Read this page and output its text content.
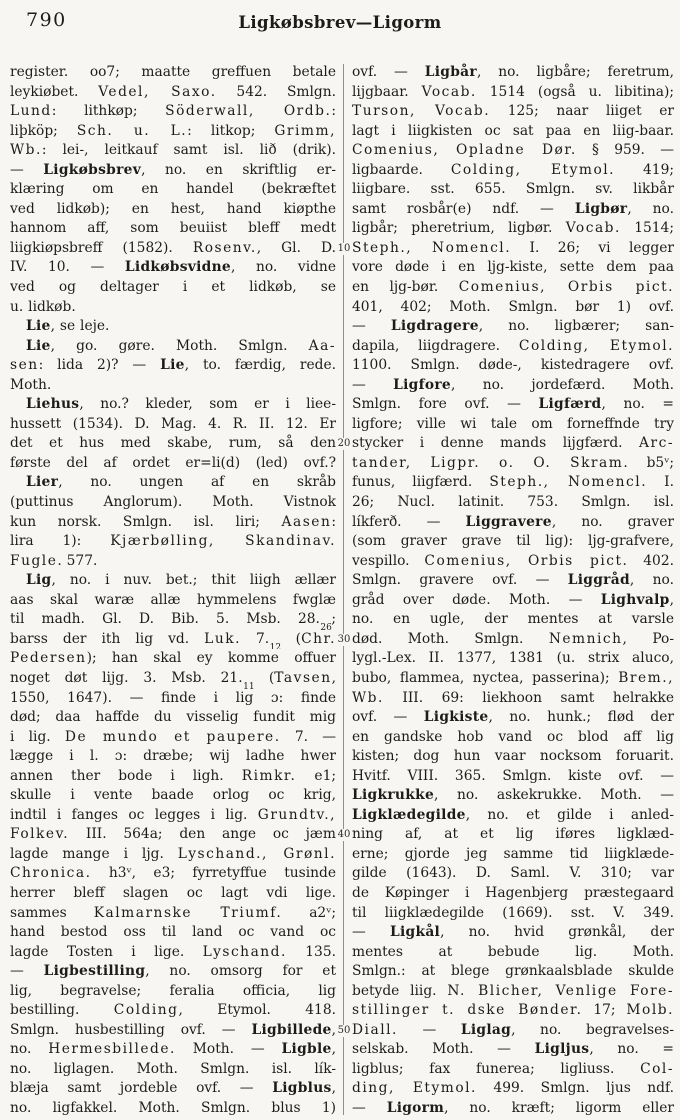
790	Ligkøbsbrev—Ligorm
register. oo7; maatte greffuen betale
leykiøbet. Vedel, Saxo. 542. Smlgn.
Lund: lithkøp; Söderwall, Ordb.:
liþköp; Sch. u. L.: litkop; Grimm,
Wb.: lei-, leitkauf samt isl. lið (drik).
— Ligkøbsbrev, no. en skriftlig er-
klæring om en handel (bekræftet
ved lidkøb); en hest, hand kiøpthe
hannom aff, som beuiist bleff medt
liigkiøpsbreff (1582). Rosenv., Gl. D.
IV. 10. — Lidkøbsvidne, no. vidne
ved og deltager i et lidkøb, se
u. lidkøb.
Lie, se leje.
Lie, go. gøre. Moth. Smlgn. Aa-
sen: lida 2)? — Lie, to. færdig, rede.
Moth.
Liehus, no.? kleder, som er i liee-
hussett (1534). D. Mag. 4. R. II. 12. Er
det et hus med skabe, rum, så den
første del af ordet er=li(d) (led) ovf.?
Lier, no. ungen af en skråb
(puttinus Anglorum). Moth. Vistnok
kun norsk. Smlgn. isl. liri; Aasen:
lira 1): Kjærbølling, Skandinav.
Fugle. 577.
Lig, no. i nuv. bet.; thit liigh ællær
aas skal waræ allæ hymmelens fwglæ
til madh. Gl. D. Bib. 5. Msb. $28._{26}$;
barss der ith lig vd. Luk. $7._{12}$ (Chr.
Pedersen); han skal ey komme offuer
noget døt lijg. 3. Msb. $21._{11}$ (Tavsen,
1550, 1647). — finde i lig ɔ: finde
død; daa haffde du visselig fundit mig
i lig. De mundo et paupere. 7. —
lægge i l. ɔ: dræbe; wij ladhe hwer
annen ther bode i ligh. Rimkr. e1;
skulle i vente baade orlog oc krig,
indtil i fanges oc legges i lig. Grundtv.,
Folkev. III. 564a; den ange oc jæm
lagde mange i ljg. Lyschand., Grønl.
Chronica. h3ᵛ, e3; fyrretyffue tusinde
herrer bleff slagen oc lagt vdi lige.
sammes Kalmarnske Triumf. a2ᵛ;
hand bestod oss til land oc vand oc
lagde Tosten i lige. Lyschand. 135.
— Ligbestilling, no. omsorg for et
lig, begravelse; feralia officia, lig
bestilling. Colding, Etymol. 418.
Smlgn. husbestilling ovf. — Ligbillede,
no. Hermesbillede. Moth. — Ligble,
no. liglagen. Moth. Smlgn. isl. lík-
blæja samt jordeble ovf. — Ligblus,
no. ligfakkel. Moth. Smlgn. blus 1)
10
20
30
40
50
ovf. — Ligbår, no. ligbåre; feretrum,
lijgbaar. Vocab. 1514 (også u. libitina);
Turson, Vocab. 125; naar liiget er
lagt i liigkisten oc sat paa en liig-baar.
Comenius, Opladne Dør. § 959. —
ligbaarde. Colding, Etymol. 419;
liigbare. sst. 655. Smlgn. sv. likbår
samt rosbår(e) ndf. — Ligbør, no.
ligbår; pheretrium, ligbør. Vocab. 1514;
Steph., Nomencl. I. 26; vi legger
vore døde i en ljg-kiste, sette dem paa
en ljg-bør. Comenius, Orbis pict.
401, 402; Moth. Smlgn. bør 1) ovf.
— Ligdragere, no. ligbærer; san-
dapila, liigdragere. Colding, Etymol.
1100. Smlgn. døde-, kistedragere ovf.
— Ligfore, no. jordefærd. Moth.
Smlgn. fore ovf. — Ligfærd, no. =
ligfore; ville wi tale om forneffnde try
stycker i denne mands lijgfærd. Arc-
tander, Ligpr. o. O. Skram. b5ᵛ;
funus, liigfærd. Steph., Nomencl. I.
26; Nucl. latinit. 753. Smlgn. isl.
líkferð. — Liggravere, no. graver
(som graver grave til lig): ljg-grafvere,
vespillo. Comenius, Orbis pict. 402.
Smlgn. gravere ovf. — Liggråd, no.
gråd over døde. Moth. — Lighvalp,
no. en ugle, der mentes at varsle
død. Moth. Smlgn. Nemnich, Po-
lygl.-Lex. II. 1377, 1381 (u. strix aluco,
bubo, flammea, nyctea, passerina); Brem.,
Wb. III. 69: liekhoon samt helrakke
ovf. — Ligkiste, no. hunk.; flød der
en gandske hob vand oc blod aff lig
kisten; dog hun vaar nocksom foruarit.
Hvitf. VIII. 365. Smlgn. kiste ovf. —
Ligkrukke, no. askekrukke. Moth. —
Ligklædegilde, no. et gilde i anled-
ning af, at et lig iføres ligklæd-
erne; gjorde jeg samme tid liigklæde-
gilde (1643). D. Saml. V. 310; var
de Køpinger i Hagenbjerg præstegaard
til liigklædegilde (1669). sst. V. 349.
— Ligkål, no. hvid grønkål, der
mentes at bebude lig. Moth.
Smlgn.: at blege grønkaalsblade skulde
betyde liig. N. Blicher, Venlige Fore-
stillinger t. dske Bønder. 17; Molb.
Diall. — Liglag, no. begravelses-
selskab. Moth. — Ligljus, no. =
ligblus; fax funerea; ligliuss. Col-
ding, Etymol. 499. Smlgn. ljus ndf.
— Ligorm, no. kræft; ligorm eller
